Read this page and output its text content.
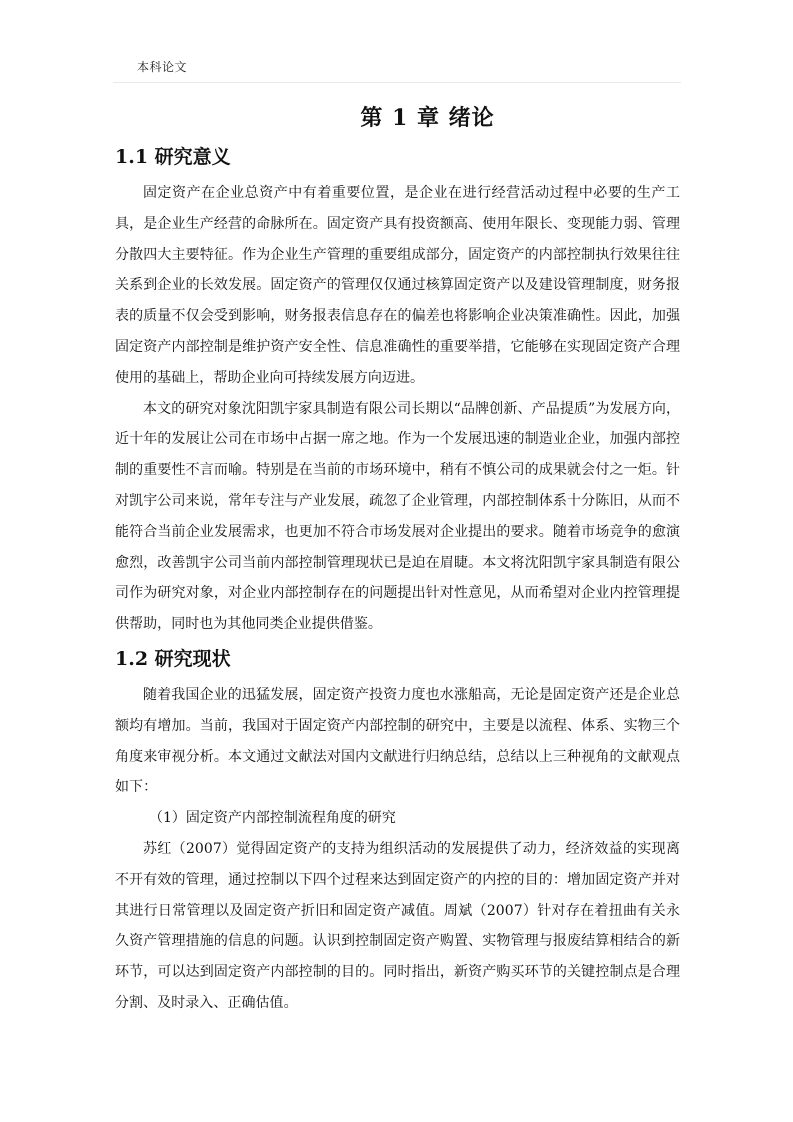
本科论文
第 1 章 绪论
1.1 研究意义

固定资产在企业总资产中有着重要位置，是企业在进行经营活动过程中必要的生产工具，是企业生产经营的命脉所在。固定资产具有投资额高、使用年限长、变现能力弱、管理分散四大主要特征。作为企业生产管理的重要组成部分，固定资产的内部控制执行效果往往关系到企业的长效发展。固定资产的管理仅仅通过核算固定资产以及建设管理制度，财务报表的质量不仅会受到影响，财务报表信息存在的偏差也将影响企业决策准确性。因此，加强固定资产内部控制是维护资产安全性、信息准确性的重要举措，它能够在实现固定资产合理使用的基础上，帮助企业向可持续发展方向迈进。

本文的研究对象沈阳凯宇家具制造有限公司长期以“品牌创新、产品提质”为发展方向，近十年的发展让公司在市场中占据一席之地。作为一个发展迅速的制造业企业，加强内部控制的重要性不言而喻。特别是在当前的市场环境中，稍有不慎公司的成果就会付之一炬。针对凯宇公司来说，常年专注与产业发展，疏忽了企业管理，内部控制体系十分陈旧，从而不能符合当前企业发展需求，也更加不符合市场发展对企业提出的要求。随着市场竞争的愈演愈烈，改善凯宇公司当前内部控制管理现状已是迫在眉睫。本文将沈阳凯宇家具制造有限公司作为研究对象，对企业内部控制存在的问题提出针对性意见，从而希望对企业内控管理提供帮助，同时也为其他同类企业提供借鉴。

1.2 研究现状

随着我国企业的迅猛发展，固定资产投资力度也水涨船高，无论是固定资产还是企业总额均有增加。当前，我国对于固定资产内部控制的研究中，主要是以流程、体系、实物三个角度来审视分析。本文通过文献法对国内文献进行归纳总结，总结以上三种视角的文献观点如下：

（1）固定资产内部控制流程角度的研究

苏红（2007）觉得固定资产的支持为组织活动的发展提供了动力，经济效益的实现离不开有效的管理，通过控制以下四个过程来达到固定资产的内控的目的：增加固定资产并对其进行日常管理以及固定资产折旧和固定资产减值。周斌（2007）针对存在着扭曲有关永久资产管理措施的信息的问题。认识到控制固定资产购置、实物管理与报废结算相结合的新环节，可以达到固定资产内部控制的目的。同时指出，新资产购买环节的关键控制点是合理分割、及时录入、正确估值。
